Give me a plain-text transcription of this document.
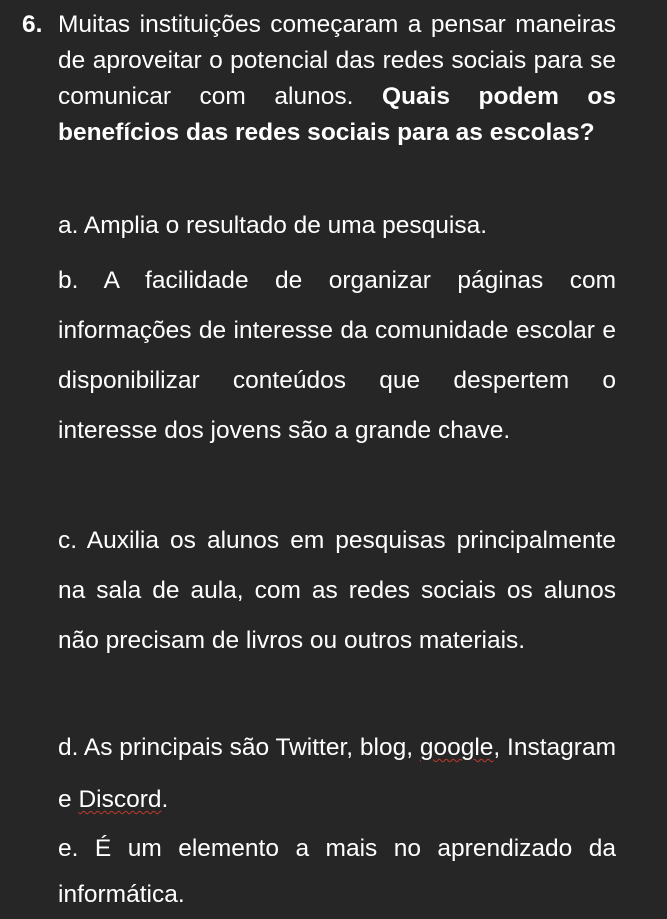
6. Muitas instituições começaram a pensar maneiras de aproveitar o potencial das redes sociais para se comunicar com alunos. Quais podem os benefícios das redes sociais para as escolas?
a. Amplia o resultado de uma pesquisa.
b. A facilidade de organizar páginas com informações de interesse da comunidade escolar e disponibilizar conteúdos que despertem o interesse dos jovens são a grande chave.
c. Auxilia os alunos em pesquisas principalmente na sala de aula, com as redes sociais os alunos não precisam de livros ou outros materiais.
d. As principais são Twitter, blog, google, Instagram e Discord.
e. É um elemento a mais no aprendizado da informática.
